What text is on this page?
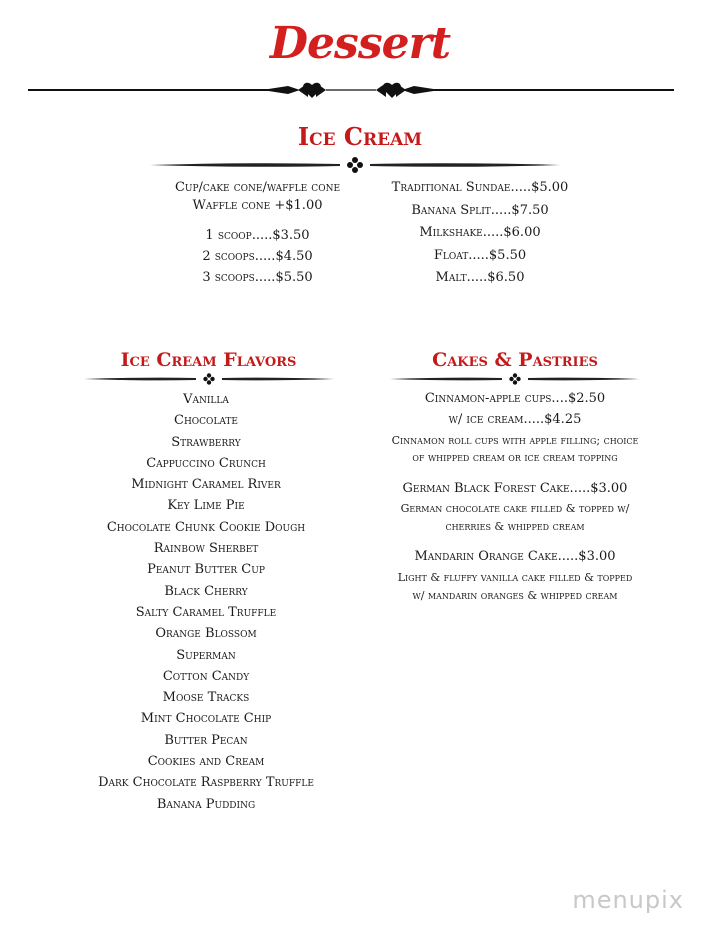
Dessert
Ice Cream
Cup/cake cone/waffle cone
Waffle cone +$1.00
1 scoop.....$3.50
2 scoops.....$4.50
3 scoops.....$5.50
Traditional Sundae.....$5.00
Banana Split.....$7.50
Milkshake.....$6.00
Float.....$5.50
Malt.....$6.50
Ice Cream Flavors
Vanilla
Chocolate
Strawberry
Cappuccino Crunch
Midnight Caramel River
Key Lime Pie
Chocolate Chunk Cookie Dough
Rainbow Sherbet
Peanut Butter Cup
Black Cherry
Salty Caramel Truffle
Orange Blossom
Superman
Cotton Candy
Moose Tracks
Mint Chocolate Chip
Butter Pecan
Cookies and Cream
Dark Chocolate Raspberry Truffle
Banana Pudding
Cakes & Pastries
Cinnamon-apple cups....$2.50
w/ ice cream.....$4.25
Cinnamon roll cups with apple filling; choice
of whipped cream or ice cream topping
German Black Forest Cake.....$3.00
German chocolate cake filled & topped w/
cherries & whipped cream
Mandarin Orange Cake.....$3.00
Light & fluffy vanilla cake filled & topped
w/ mandarin oranges & whipped cream
menupix
